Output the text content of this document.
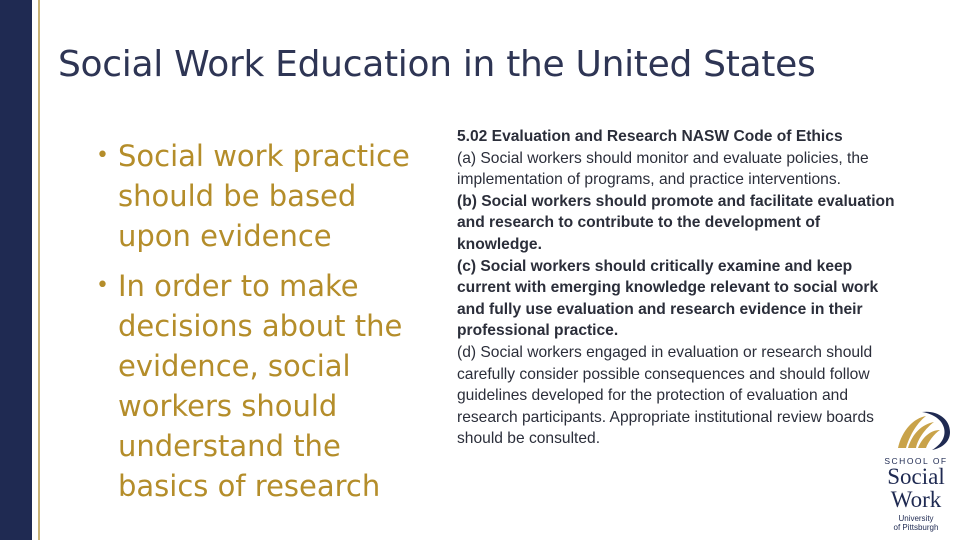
Social Work Education in the United States
• Social work practice should be based upon evidence
• In order to make decisions about the evidence, social workers should understand the basics of research

5.02 Evaluation and Research NASW Code of Ethics

(a) Social workers should monitor and evaluate policies, the implementation of programs, and practice interventions.

(b) Social workers should promote and facilitate evaluation and research to contribute to the development of knowledge.

(c) Social workers should critically examine and keep current with emerging knowledge relevant to social work and fully use evaluation and research evidence in their professional practice.

(d) Social workers engaged in evaluation or research should carefully consider possible consequences and should follow guidelines developed for the protection of evaluation and research participants. Appropriate institutional review boards should be consulted.

SCHOOL OF
Social
Work
University
of Pittsburgh
